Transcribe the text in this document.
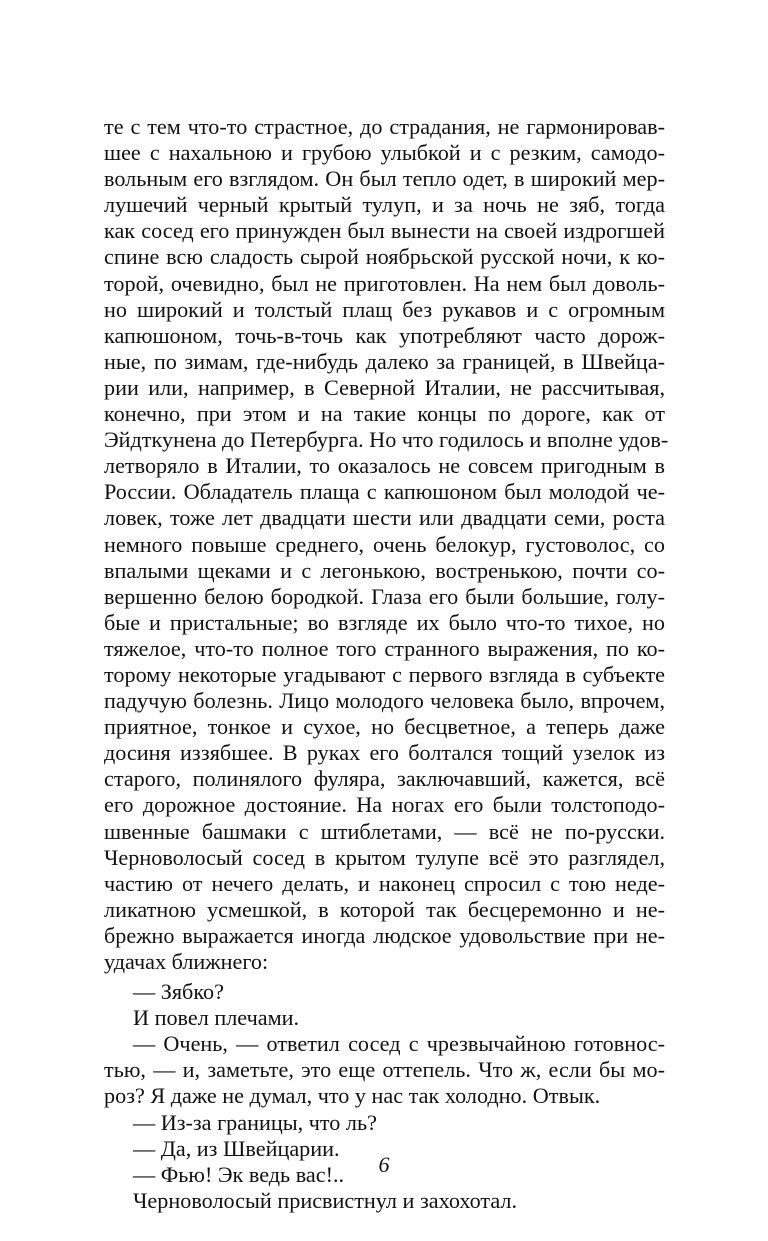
те с тем что-то страстное, до страдания, не гармонировав-
шее с нахальною и грубою улыбкой и с резким, самодо-
вольным его взглядом. Он был тепло одет, в широкий мер-
лушечий черный крытый тулуп, и за ночь не зяб, тогда
как сосед его принужден был вынести на своей издрогшей
спине всю сладость сырой ноябрьской русской ночи, к ко-
торой, очевидно, был не приготовлен. На нем был доволь-
но широкий и толстый плащ без рукавов и с огромным
капюшоном, точь-в-точь как употребляют часто дорож-
ные, по зимам, где-нибудь далеко за границей, в Швейца-
рии или, например, в Северной Италии, не рассчитывая,
конечно, при этом и на такие концы по дороге, как от
Эйдткунена до Петербурга. Но что годилось и вполне удов-
летворяло в Италии, то оказалось не совсем пригодным в
России. Обладатель плаща с капюшоном был молодой че-
ловек, тоже лет двадцати шести или двадцати семи, роста
немного повыше среднего, очень белокур, густоволос, со
впалыми щеками и с легонькою, востренькою, почти со-
вершенно белою бородкой. Глаза его были большие, голу-
бые и пристальные; во взгляде их было что-то тихое, но
тяжелое, что-то полное того странного выражения, по ко-
торому некоторые угадывают с первого взгляда в субъекте
падучую болезнь. Лицо молодого человека было, впрочем,
приятное, тонкое и сухое, но бесцветное, а теперь даже
досиня иззябшее. В руках его болтался тощий узелок из
старого, полинялого фуляра, заключавший, кажется, всё
его дорожное достояние. На ногах его были толстоподо-
швенные башмаки с штиблетами, — всё не по-русски.
Черноволосый сосед в крытом тулупе всё это разглядел,
частию от нечего делать, и наконец спросил с тою неде-
ликатною усмешкой, в которой так бесцеремонно и не-
брежно выражается иногда людское удовольствие при не-
удачах ближнего:
— Зябко?
И повел плечами.
— Очень, — ответил сосед с чрезвычайною готовнос-
тью, — и, заметьте, это еще оттепель. Что ж, если бы мо-
роз? Я даже не думал, что у нас так холодно. Отвык.
— Из-за границы, что ль?
— Да, из Швейцарии.
— Фью! Эк ведь вас!..
Черноволосый присвистнул и захохотал.
6
